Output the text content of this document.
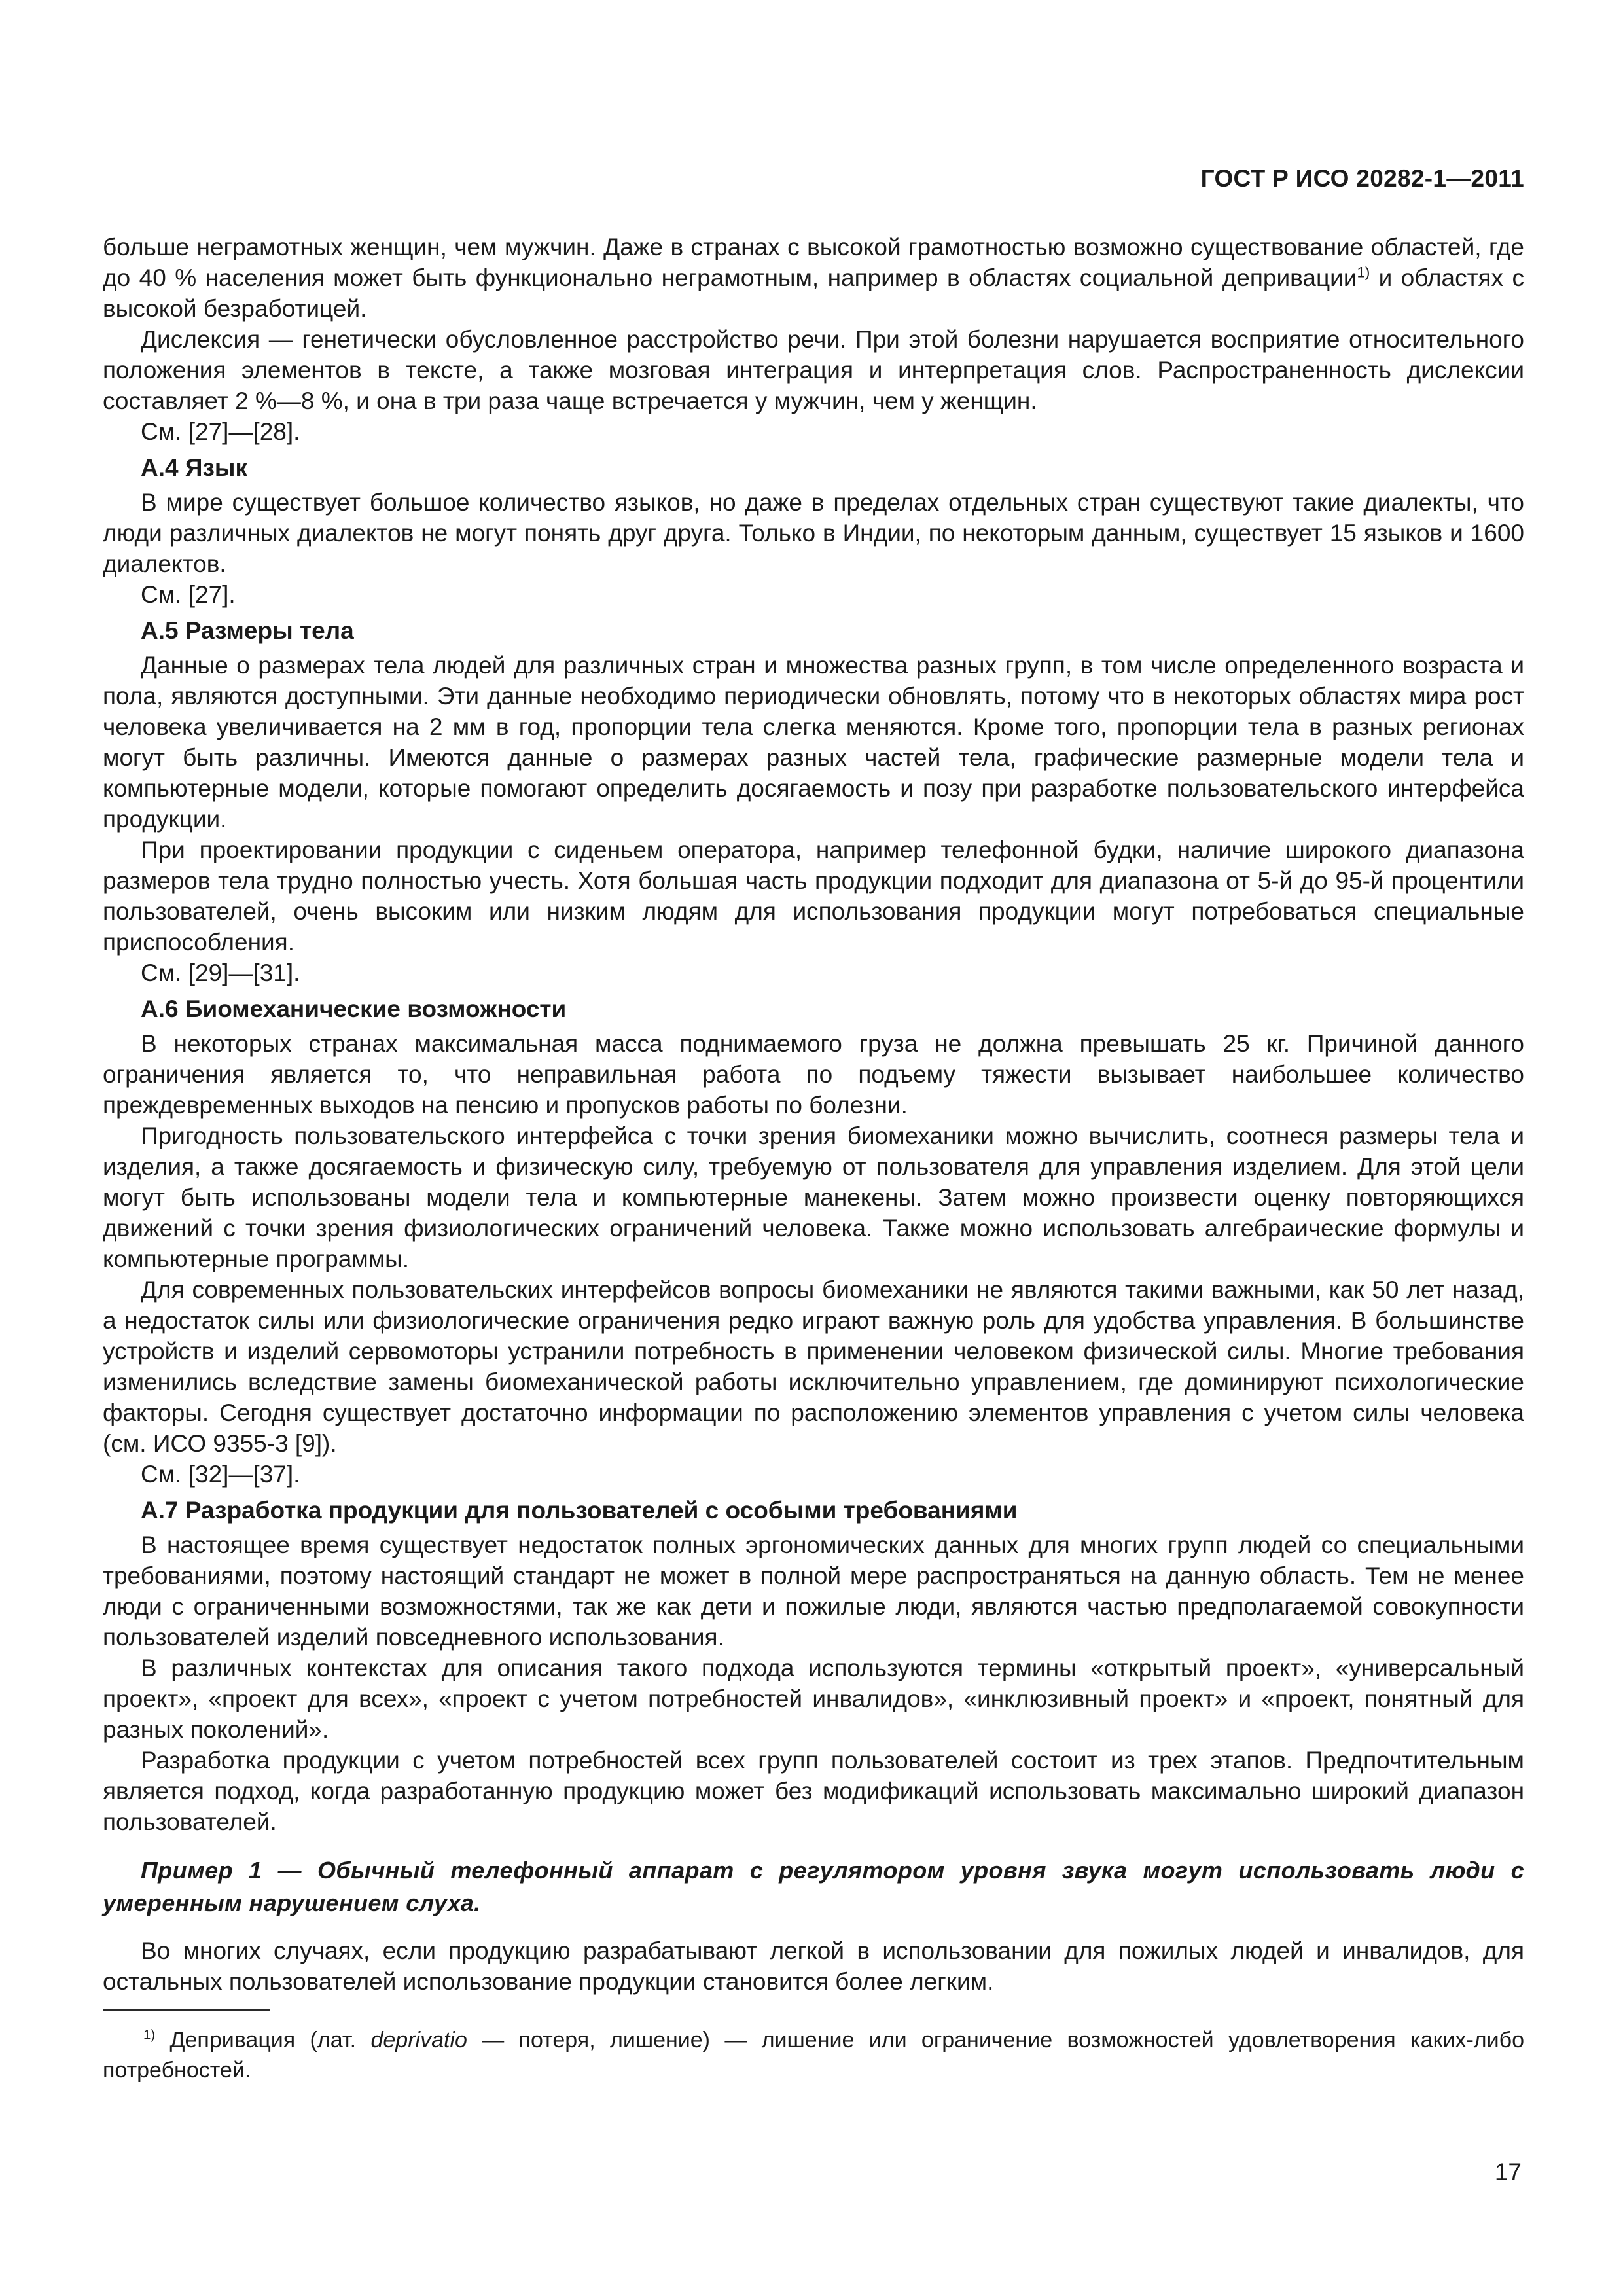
ГОСТ Р ИСО 20282-1—2011
больше неграмотных женщин, чем мужчин. Даже в странах с высокой грамотностью возможно существование областей, где до 40 % населения может быть функционально неграмотным, например в областях социальной депривации$^{1)}$ и областях с высокой безработицей.
Дислексия — генетически обусловленное расстройство речи. При этой болезни нарушается восприятие относительного положения элементов в тексте, а также мозговая интеграция и интерпретация слов. Распространенность дислексии составляет 2 %—8 %, и она в три раза чаще встречается у мужчин, чем у женщин.
См. [27]—[28].
А.4 Язык
В мире существует большое количество языков, но даже в пределах отдельных стран существуют такие диалекты, что люди различных диалектов не могут понять друг друга. Только в Индии, по некоторым данным, существует 15 языков и 1600 диалектов.
См. [27].
А.5 Размеры тела
Данные о размерах тела людей для различных стран и множества разных групп, в том числе определенного возраста и пола, являются доступными. Эти данные необходимо периодически обновлять, потому что в некоторых областях мира рост человека увеличивается на 2 мм в год, пропорции тела слегка меняются. Кроме того, пропорции тела в разных регионах могут быть различны. Имеются данные о размерах разных частей тела, графические размерные модели тела и компьютерные модели, которые помогают определить досягаемость и позу при разработке пользовательского интерфейса продукции.
При проектировании продукции с сиденьем оператора, например телефонной будки, наличие широкого диапазона размеров тела трудно полностью учесть. Хотя большая часть продукции подходит для диапазона от 5-й до 95-й процентили пользователей, очень высоким или низким людям для использования продукции могут потребоваться специальные приспособления.
См. [29]—[31].
А.6 Биомеханические возможности
В некоторых странах максимальная масса поднимаемого груза не должна превышать 25 кг. Причиной данного ограничения является то, что неправильная работа по подъему тяжести вызывает наибольшее количество преждевременных выходов на пенсию и пропусков работы по болезни.
Пригодность пользовательского интерфейса с точки зрения биомеханики можно вычислить, соотнеся размеры тела и изделия, а также досягаемость и физическую силу, требуемую от пользователя для управления изделием. Для этой цели могут быть использованы модели тела и компьютерные манекены. Затем можно произвести оценку повторяющихся движений с точки зрения физиологических ограничений человека. Также можно использовать алгебраические формулы и компьютерные программы.
Для современных пользовательских интерфейсов вопросы биомеханики не являются такими важными, как 50 лет назад, а недостаток силы или физиологические ограничения редко играют важную роль для удобства управления. В большинстве устройств и изделий сервомоторы устранили потребность в применении человеком физической силы. Многие требования изменились вследствие замены биомеханической работы исключительно управлением, где доминируют психологические факторы. Сегодня существует достаточно информации по расположению элементов управления с учетом силы человека (см. ИСО 9355-3 [9]).
См. [32]—[37].
А.7 Разработка продукции для пользователей с особыми требованиями
В настоящее время существует недостаток полных эргономических данных для многих групп людей со специальными требованиями, поэтому настоящий стандарт не может в полной мере распространяться на данную область. Тем не менее люди с ограниченными возможностями, так же как дети и пожилые люди, являются частью предполагаемой совокупности пользователей изделий повседневного использования.
В различных контекстах для описания такого подхода используются термины «открытый проект», «универсальный проект», «проект для всех», «проект с учетом потребностей инвалидов», «инклюзивный проект» и «проект, понятный для разных поколений».
Разработка продукции с учетом потребностей всех групп пользователей состоит из трех этапов. Предпочтительным является подход, когда разработанную продукцию может без модификаций использовать максимально широкий диапазон пользователей.
Пример 1 — Обычный телефонный аппарат с регулятором уровня звука могут использовать люди с умеренным нарушением слуха.
Во многих случаях, если продукцию разрабатывают легкой в использовании для пожилых людей и инвалидов, для остальных пользователей использование продукции становится более легким.
$^{1)}$ Депривация (лат. deprivatio — потеря, лишение) — лишение или ограничение возможностей удовлетворения каких-либо потребностей.
17
